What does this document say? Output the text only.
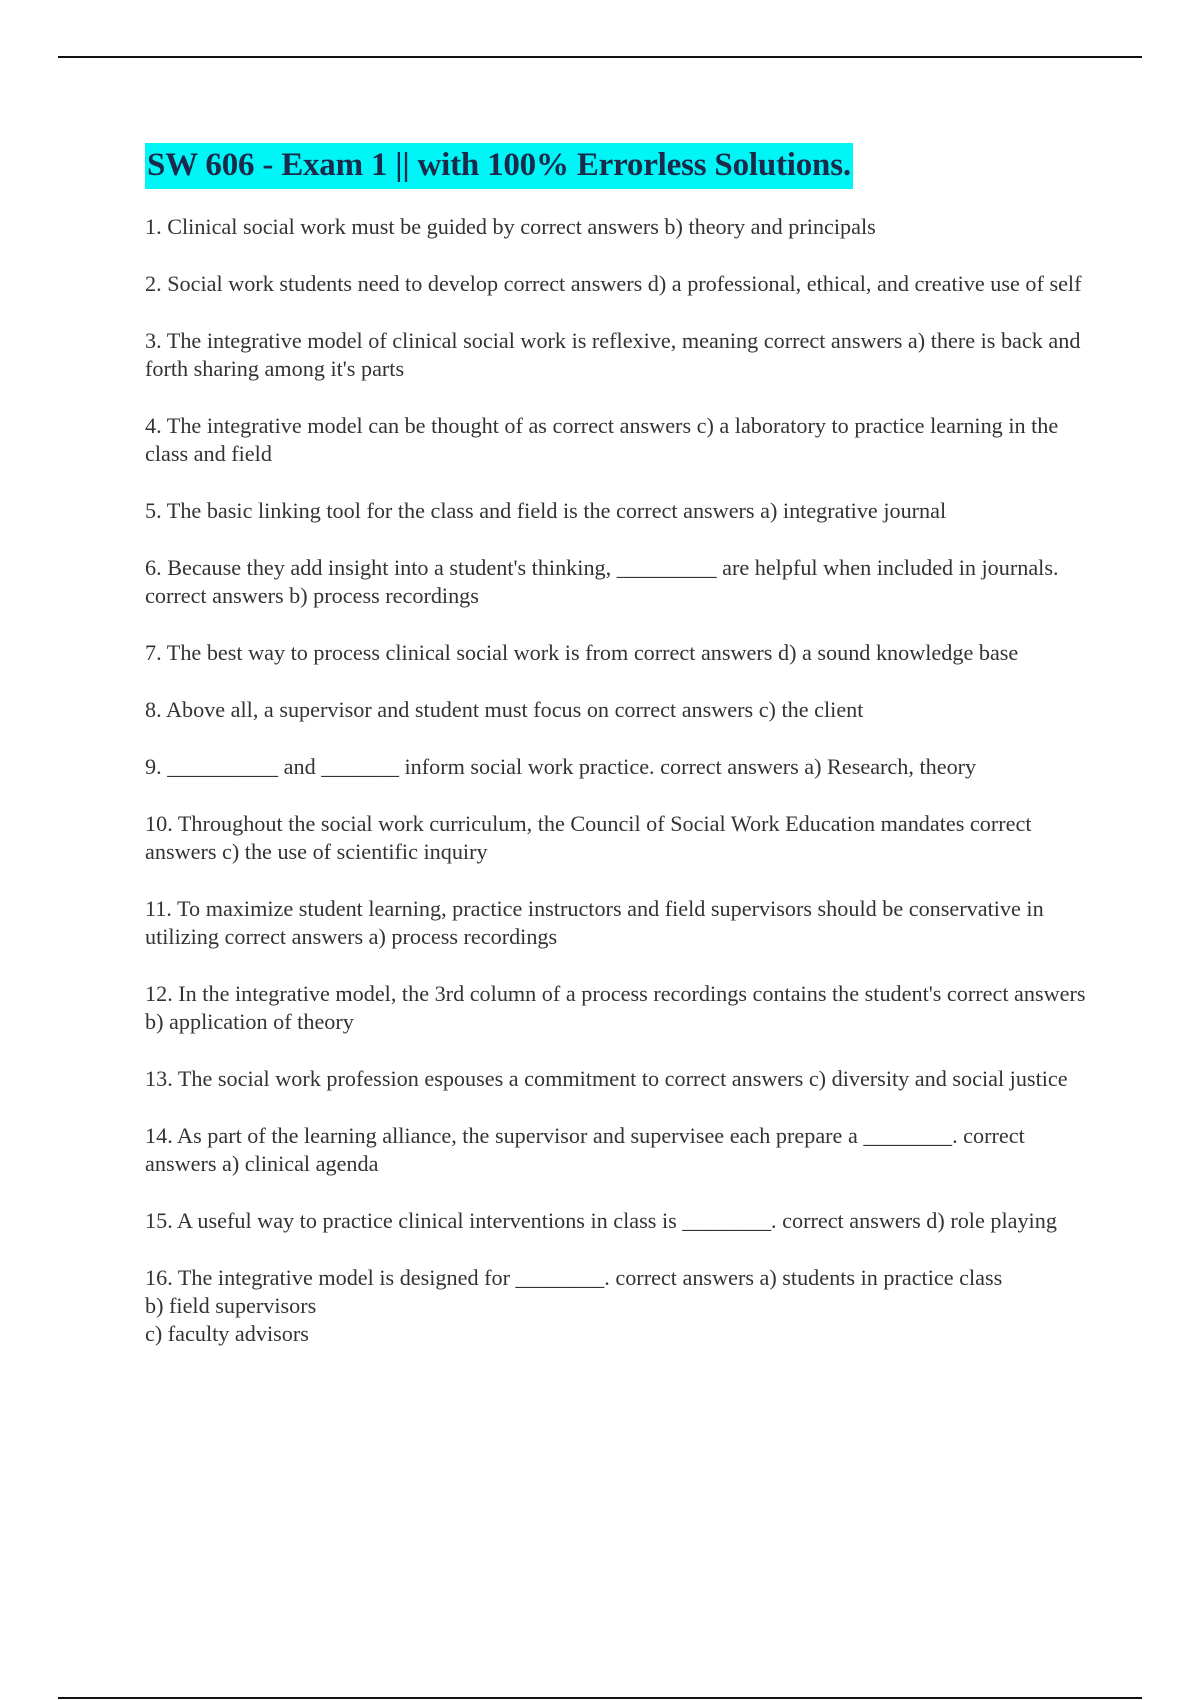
SW 606 - Exam 1 || with 100% Errorless Solutions.
1. Clinical social work must be guided by correct answers b) theory and principals
2. Social work students need to develop correct answers d) a professional, ethical, and creative use of self
3. The integrative model of clinical social work is reflexive, meaning correct answers a) there is back and forth sharing among it's parts
4. The integrative model can be thought of as correct answers c) a laboratory to practice learning in the class and field
5. The basic linking tool for the class and field is the correct answers a) integrative journal
6. Because they add insight into a student's thinking, _________ are helpful when included in journals. correct answers b) process recordings
7. The best way to process clinical social work is from correct answers d) a sound knowledge base
8. Above all, a supervisor and student must focus on correct answers c) the client
9. __________ and _______ inform social work practice. correct answers a) Research, theory
10. Throughout the social work curriculum, the Council of Social Work Education mandates correct answers c) the use of scientific inquiry
11. To maximize student learning, practice instructors and field supervisors should be conservative in utilizing correct answers a) process recordings
12. In the integrative model, the 3rd column of a process recordings contains the student's correct answers b) application of theory
13. The social work profession espouses a commitment to correct answers c) diversity and social justice
14. As part of the learning alliance, the supervisor and supervisee each prepare a ________. correct answers a) clinical agenda
15. A useful way to practice clinical interventions in class is ________. correct answers d) role playing
16. The integrative model is designed for ________. correct answers a) students in practice class
b) field supervisors
c) faculty advisors
